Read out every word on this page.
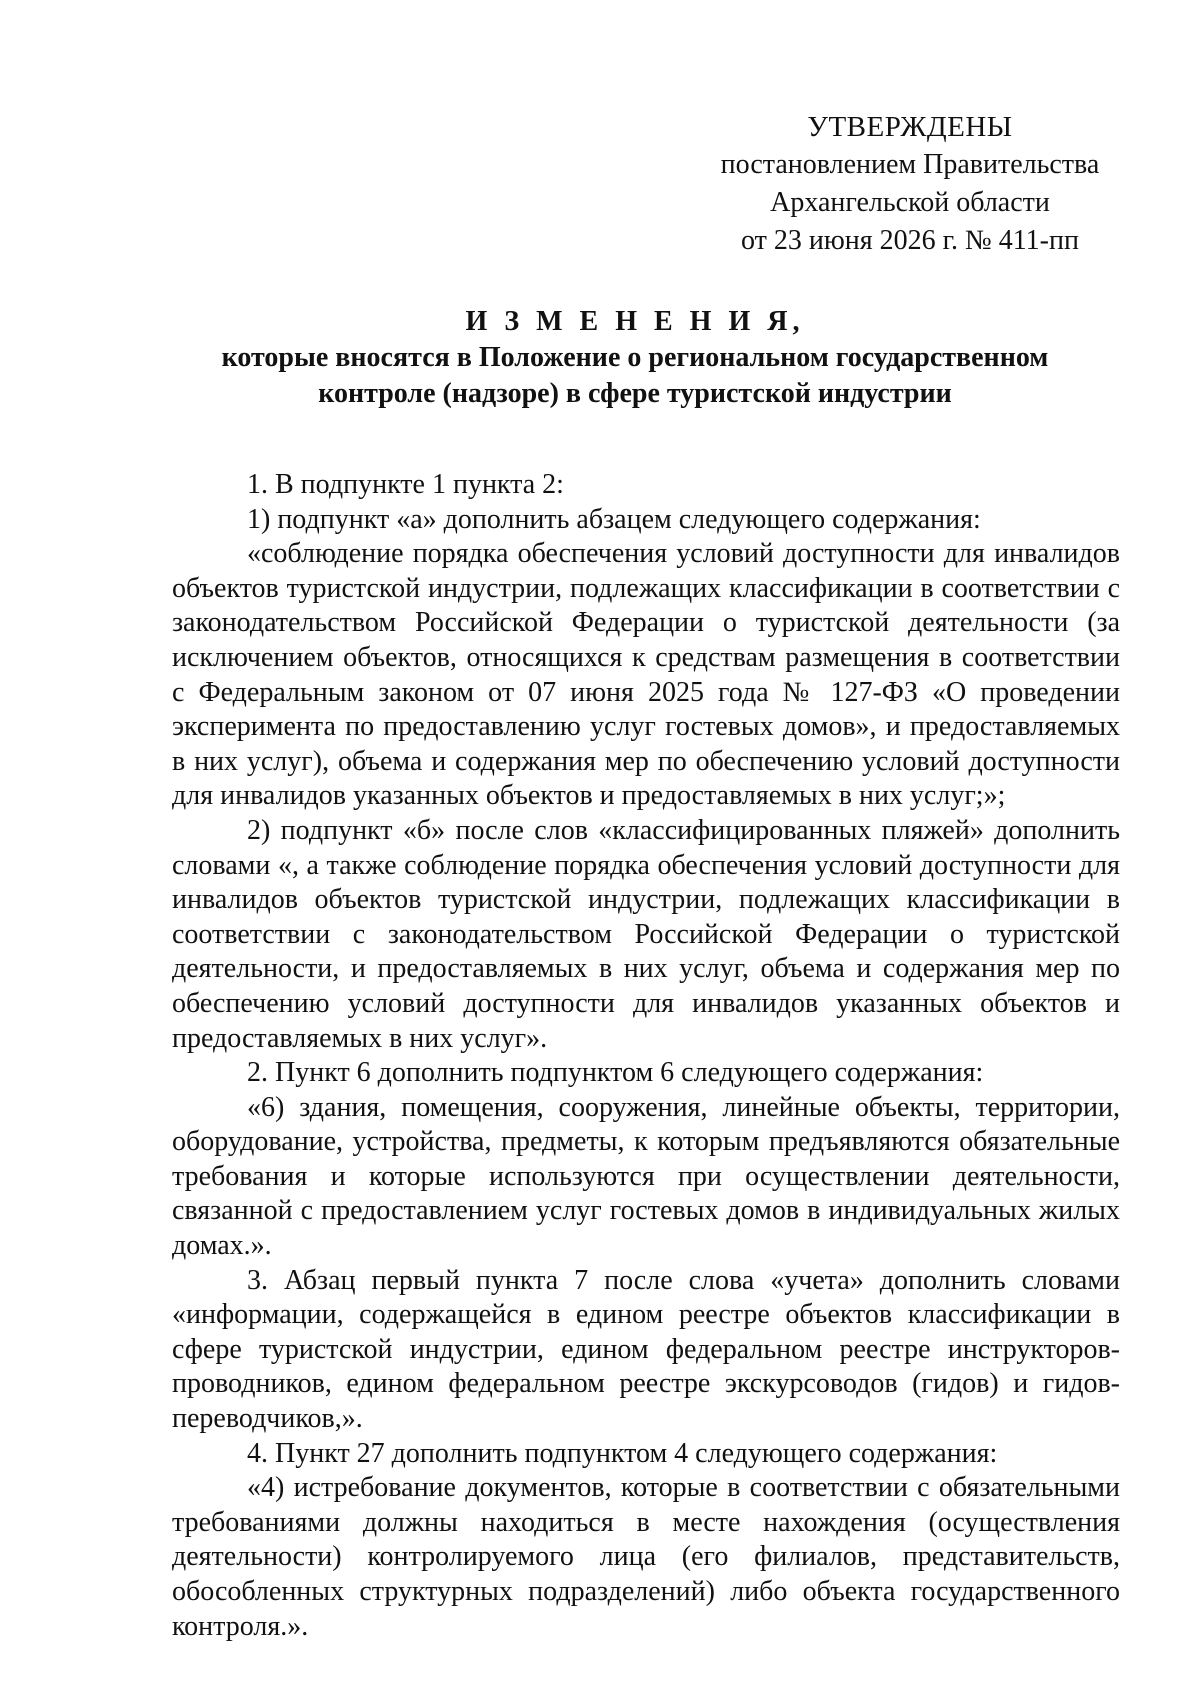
УТВЕРЖДЕНЫ
постановлением Правительства
Архангельской области
от 23 июня 2026 г. № 411-пп
И З М Е Н Е Н И Я,
которые вносятся в Положение о региональном государственном
контроле (надзоре) в сфере туристской индустрии

1. В подпункте 1 пункта 2:

1) подпункт «а» дополнить абзацем следующего содержания:

«соблюдение порядка обеспечения условий доступности для инвалидов объектов туристской индустрии, подлежащих классификации в соответствии с законодательством Российской Федерации о туристской деятельности (за исключением объектов, относящихся к средствам размещения в соответствии с Федеральным законом от 07 июня 2025 года № 127-ФЗ «О проведении эксперимента по предоставлению услуг гостевых домов», и предоставляемых в них услуг), объема и содержания мер по обеспечению условий доступности для инвалидов указанных объектов и предоставляемых в них услуг;»;

2) подпункт «б» после слов «классифицированных пляжей» дополнить словами «, а также соблюдение порядка обеспечения условий доступности для инвалидов объектов туристской индустрии, подлежащих классификации в соответствии с законодательством Российской Федерации о туристской деятельности, и предоставляемых в них услуг, объема и содержания мер по обеспечению условий доступности для инвалидов указанных объектов и предоставляемых в них услуг».

2. Пункт 6 дополнить подпунктом 6 следующего содержания:

«6) здания, помещения, сооружения, линейные объекты, территории, оборудование, устройства, предметы, к которым предъявляются обязательные требования и которые используются при осуществлении деятельности, связанной с предоставлением услуг гостевых домов в индивидуальных жилых домах.».

3. Абзац первый пункта 7 после слова «учета» дополнить словами «информации, содержащейся в едином реестре объектов классификации в сфере туристской индустрии, едином федеральном реестре инструкторов-проводников, едином федеральном реестре экскурсоводов (гидов) и гидов-переводчиков,».

4. Пункт 27 дополнить подпунктом 4 следующего содержания:

«4) истребование документов, которые в соответствии с обязательными требованиями должны находиться в месте нахождения (осуществления деятельности) контролируемого лица (его филиалов, представительств, обособленных структурных подразделений) либо объекта государственного контроля.».
